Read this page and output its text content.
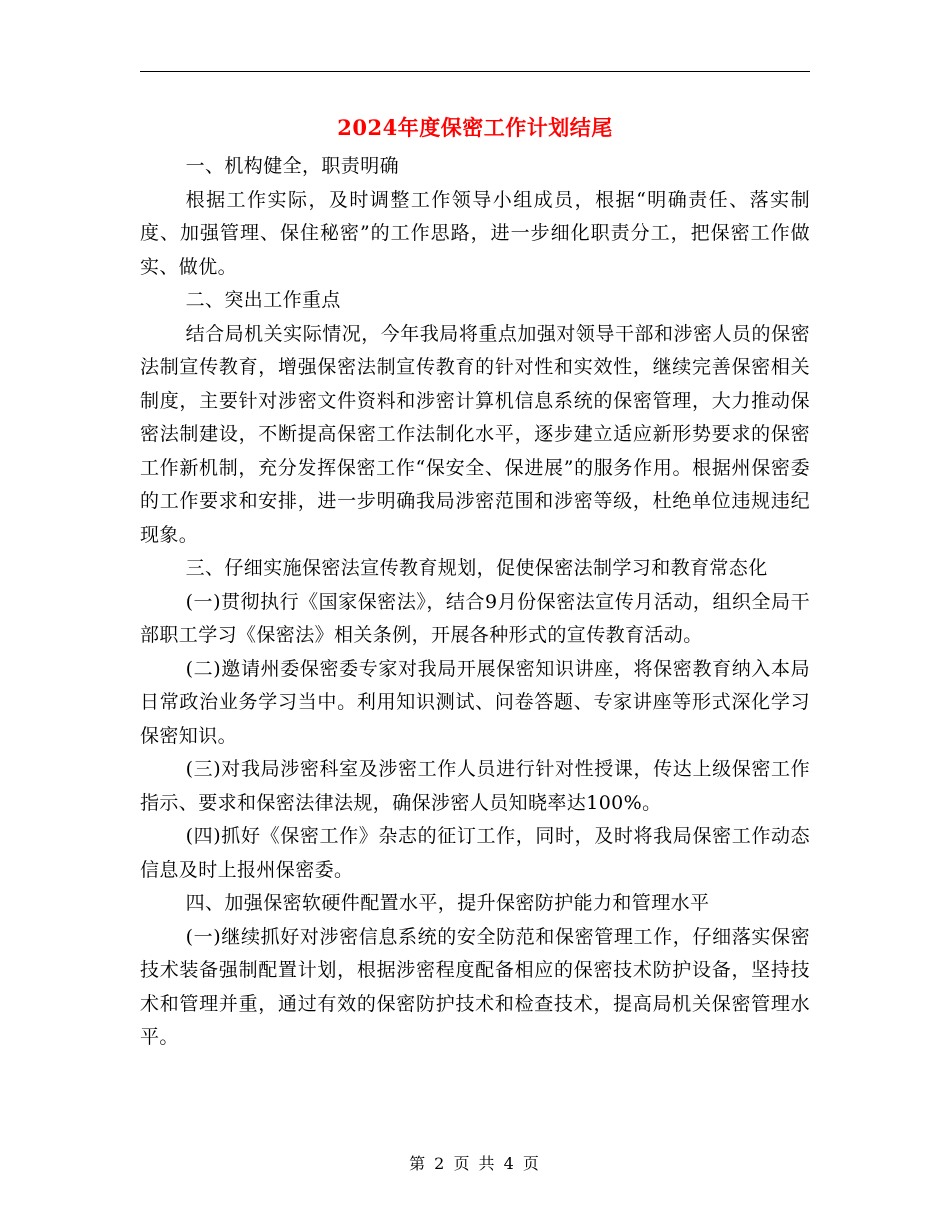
2024年度保密工作计划结尾

一、机构健全，职责明确

根据工作实际，及时调整工作领导小组成员，根据“明确责任、落实制度、加强管理、保住秘密”的工作思路，进一步细化职责分工，把保密工作做实、做优。

二、突出工作重点

结合局机关实际情况，今年我局将重点加强对领导干部和涉密人员的保密法制宣传教育，增强保密法制宣传教育的针对性和实效性，继续完善保密相关制度，主要针对涉密文件资料和涉密计算机信息系统的保密管理，大力推动保密法制建设，不断提高保密工作法制化水平，逐步建立适应新形势要求的保密工作新机制，充分发挥保密工作“保安全、保进展”的服务作用。根据州保密委的工作要求和安排，进一步明确我局涉密范围和涉密等级，杜绝单位违规违纪现象。

三、仔细实施保密法宣传教育规划，促使保密法制学习和教育常态化

(一)贯彻执行《国家保密法》，结合9月份保密法宣传月活动，组织全局干部职工学习《保密法》相关条例，开展各种形式的宣传教育活动。

(二)邀请州委保密委专家对我局开展保密知识讲座，将保密教育纳入本局日常政治业务学习当中。利用知识测试、问卷答题、专家讲座等形式深化学习保密知识。

(三)对我局涉密科室及涉密工作人员进行针对性授课，传达上级保密工作指示、要求和保密法律法规，确保涉密人员知晓率达100%。

(四)抓好《保密工作》杂志的征订工作，同时，及时将我局保密工作动态信息及时上报州保密委。

四、加强保密软硬件配置水平，提升保密防护能力和管理水平

(一)继续抓好对涉密信息系统的安全防范和保密管理工作，仔细落实保密技术装备强制配置计划，根据涉密程度配备相应的保密技术防护设备，坚持技术和管理并重，通过有效的保密防护技术和检查技术，提高局机关保密管理水平。

第 2 页 共 4 页
